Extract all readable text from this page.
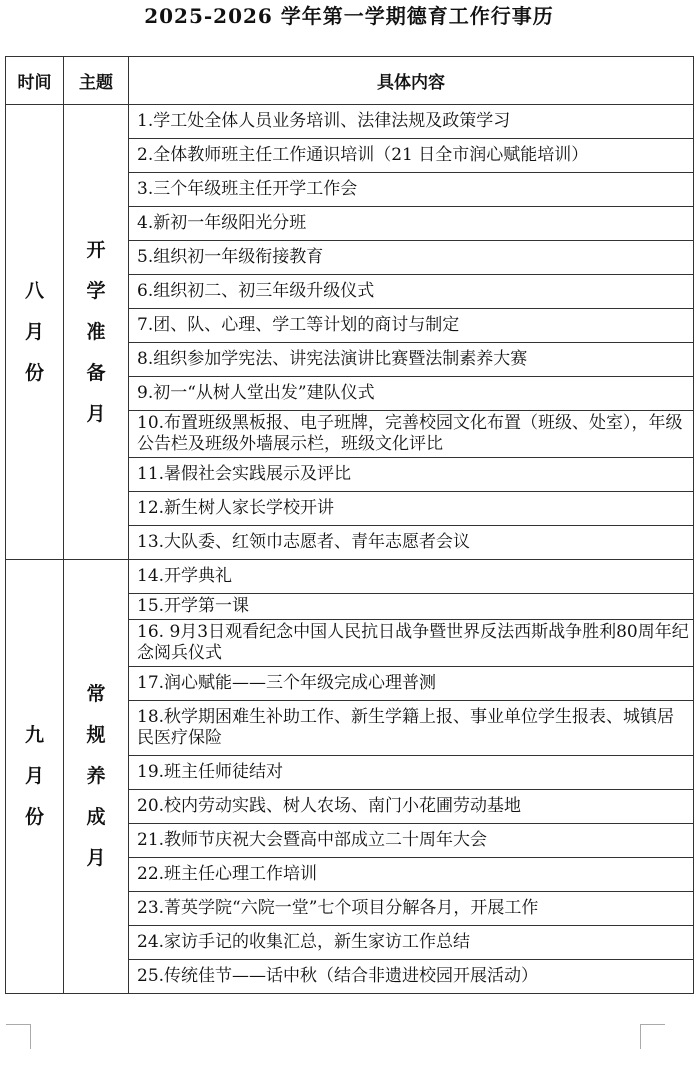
2025-2026 学年第一学期德育工作行事历
时间	主题	具体内容
八月份	开学准备月	1.学工处全体人员业务培训、法律法规及政策学习
		2.全体教师班主任工作通识培训（21 日全市润心赋能培训）
		3.三个年级班主任开学工作会
		4.新初一年级阳光分班
		5.组织初一年级衔接教育
		6.组织初二、初三年级升级仪式
		7.团、队、心理、学工等计划的商讨与制定
		8.组织参加学宪法、讲宪法演讲比赛暨法制素养大赛
		9.初一“从树人堂出发”建队仪式
		10.布置班级黑板报、电子班牌，完善校园文化布置（班级、处室），年级公告栏及班级外墙展示栏，班级文化评比
		11.暑假社会实践展示及评比
		12.新生树人家长学校开讲
		13.大队委、红领巾志愿者、青年志愿者会议
九月份	常规养成月	14.开学典礼
		15.开学第一课
		16. 9月3日观看纪念中国人民抗日战争暨世界反法西斯战争胜利80周年纪念阅兵仪式
		17.润心赋能——三个年级完成心理普测
		18.秋学期困难生补助工作、新生学籍上报、事业单位学生报表、城镇居民医疗保险
		19.班主任师徒结对
		20.校内劳动实践、树人农场、南门小花圃劳动基地
		21.教师节庆祝大会暨高中部成立二十周年大会
		22.班主任心理工作培训
		23.菁英学院“六院一堂”七个项目分解各月，开展工作
		24.家访手记的收集汇总，新生家访工作总结
		25.传统佳节——话中秋（结合非遗进校园开展活动）
